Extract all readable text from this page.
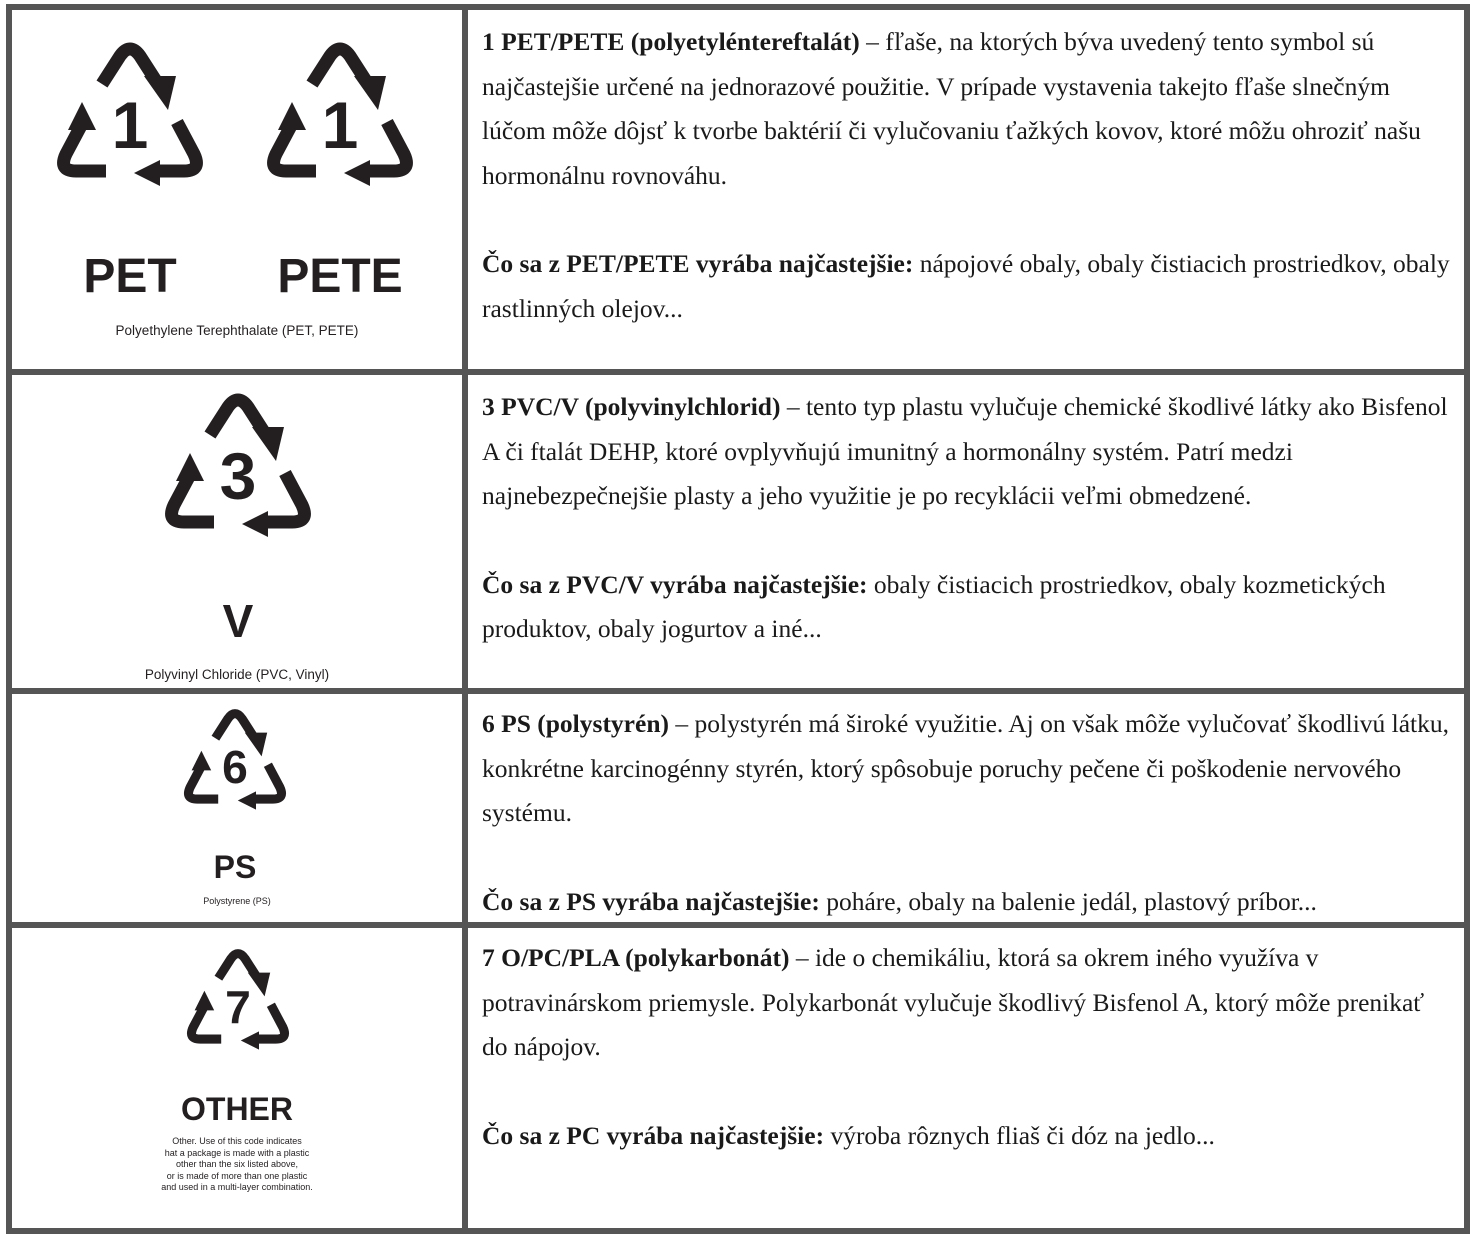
1	1
PET	PETE
Polyethylene Terephthalate (PET, PETE)

1 PET/PETE (polyetyléntereftalát) – fľaše, na ktorých býva uvedený tento symbol sú najčastejšie určené na jednorazové použitie. V prípade vystavenia takejto fľaše slnečným lúčom môže dôjsť k tvorbe baktérií či vylučovaniu ťažkých kovov, ktoré môžu ohroziť našu hormonálnu rovnováhu.

Čo sa z PET/PETE vyrába najčastejšie: nápojové obaly, obaly čistiacich prostriedkov, obaly rastlinných olejov...

3
V
Polyvinyl Chloride (PVC, Vinyl)

3 PVC/V (polyvinylchlorid) – tento typ plastu vylučuje chemické škodlivé látky ako Bisfenol A či ftalát DEHP, ktoré ovplyvňujú imunitný a hormonálny systém. Patrí medzi najnebezpečnejšie plasty a jeho využitie je po recyklácii veľmi obmedzené.

Čo sa z PVC/V vyrába najčastejšie: obaly čistiacich prostriedkov, obaly kozmetických produktov, obaly jogurtov a iné...

6
PS
Polystyrene (PS)

6 PS (polystyrén) – polystyrén má široké využitie. Aj on však môže vylučovať škodlivú látku, konkrétne karcinogénny styrén, ktorý spôsobuje poruchy pečene či poškodenie nervového systému.

Čo sa z PS vyrába najčastejšie: poháre, obaly na balenie jedál, plastový príbor...

7
OTHER
Other. Use of this code indicates
hat a package is made with a plastic
other than the six listed above,
or is made of more than one plastic
and used in a multi-layer combination.

7 O/PC/PLA (polykarbonát) – ide o chemikáliu, ktorá sa okrem iného využíva v potravinárskom priemysle. Polykarbonát vylučuje škodlivý Bisfenol A, ktorý môže prenikať do nápojov.

Čo sa z PC vyrába najčastejšie: výroba rôznych fliaš či dóz na jedlo...
